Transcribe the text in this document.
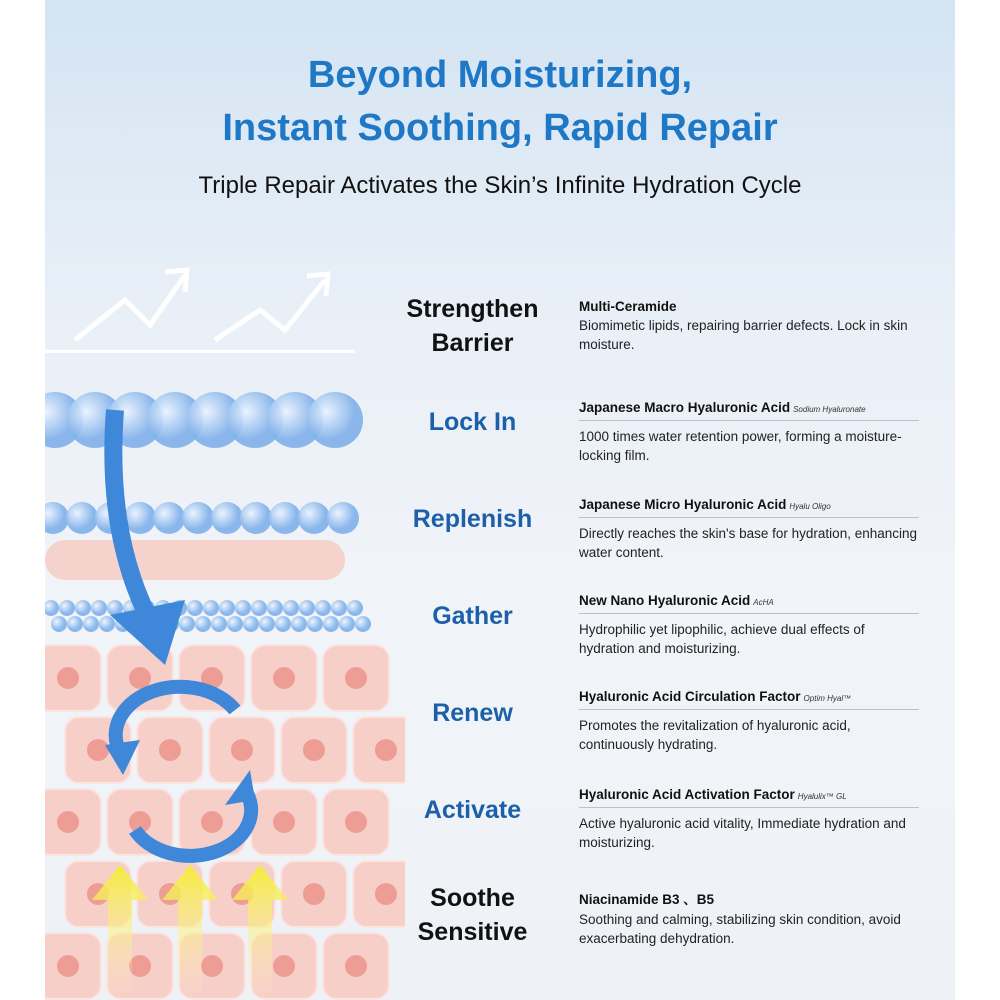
Beyond Moisturizing,
Instant Soothing, Rapid Repair
Triple Repair Activates the Skin’s Infinite Hydration Cycle
Strengthen
Barrier
Lock In
Replenish
Gather
Renew
Activate
Soothe
Sensitive
Multi-Ceramide
Biomimetic lipids, repairing barrier defects. Lock in skin moisture.
Japanese Macro Hyaluronic Acid Sodium Hyaluronate
1000 times water retention power, forming a moisture-locking film.
Japanese Micro Hyaluronic Acid Hyalu Oligo
Directly reaches the skin's base for hydration, enhancing water content.
New Nano Hyaluronic Acid AcHA
Hydrophilic yet lipophilic, achieve dual effects of hydration and moisturizing.
Hyaluronic Acid Circulation Factor Optim Hyal™
Promotes the revitalization of hyaluronic acid, continuously hydrating.
Hyaluronic Acid Activation Factor Hyalulix™ GL
Active hyaluronic acid vitality, Immediate hydration and moisturizing.
Niacinamide B3 、B5
Soothing and calming, stabilizing skin condition, avoid exacerbating dehydration.
